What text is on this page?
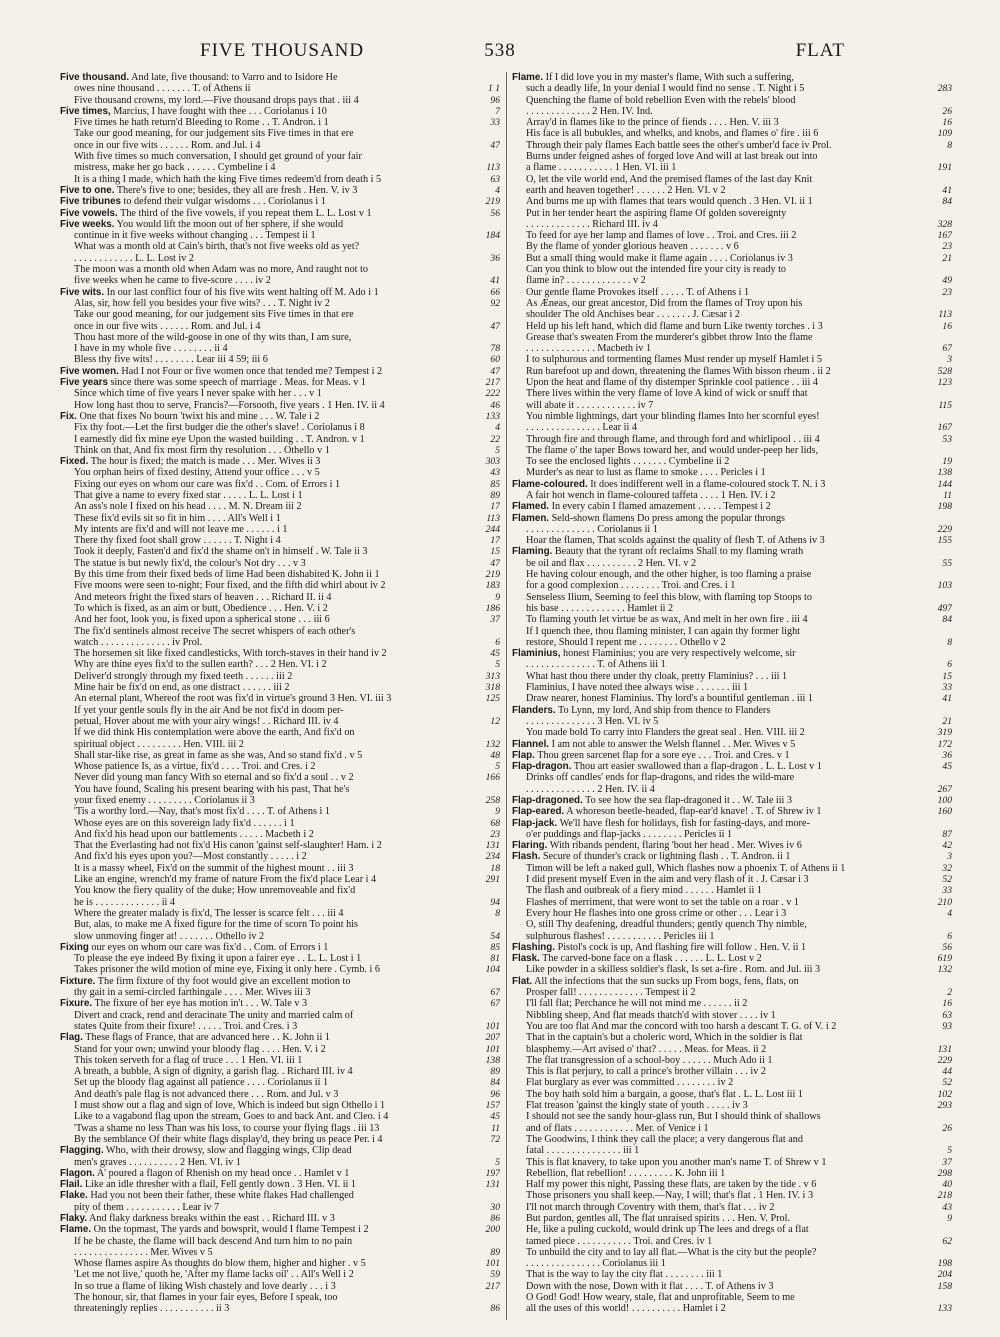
FIVE THOUSAND	538	FLAT
Five thousand. And late, five thousand: to Varro and to Isidore He
owes nine thousand . . . . . . . T. of Athens ii	1 1
Five thousand crowns, my lord.—Five thousand drops pays that . iii 4	96
Five times, Marcius, I have fought with thee . . . Coriolanus i 10	7
Five times he hath return'd Bleeding to Rome . . T. Andron. i 1	33
Take our good meaning, for our judgement sits Five times in that ere
once in our five wits . . . . . . Rom. and Jul. i 4	47
With five times so much conversation, I should get ground of your fair
mistress, make her go back . . . . . . Cymbeline i 4	113
It is a thing I made, which hath the king Five times redeem'd from death i 5	63
Five to one. There's five to one; besides, they all are fresh . Hen. V. iv 3	4
Five tribunes to defend their vulgar wisdoms . . . Coriolanus i 1	219
Five vowels. The third of the five vowels, if you repeat them L. L. Lost v 1	56
Five weeks. You would lift the moon out of her sphere, if she would
continue in it five weeks without changing . . . Tempest ii 1	184
What was a month old at Cain's birth, that's not five weeks old as yet?
. . . . . . . . . . . . L. L. Lost iv 2	36
The moon was a month old when Adam was no more, And raught not to
five weeks when he came to five-score . . . . iv 2	41
Five wits. In our last conflict four of his five wits went halting off M. Ado i 1	66
Alas, sir, how fell you besides your five wits? . . . T. Night iv 2	92
Take our good meaning, for our judgement sits Five times in that ere
once in our five wits . . . . . . Rom. and Jul. i 4	47
Thou hast more of the wild-goose in one of thy wits than, I am sure,
I have in my whole five . . . . . . . . ii 4	78
Bless thy five wits! . . . . . . . . Lear iii 4 59; iii 6	60
Five women. Had I not Four or five women once that tended me? Tempest i 2	47
Five years since there was some speech of marriage . Meas. for Meas. v 1	217
Since which time of five years I never spake with her . . . v 1	222
How long hast thou to serve, Francis?—Forsooth, five years . 1 Hen. IV. ii 4	46
Fix. One that fixes No bourn 'twixt his and mine . . . W. Tale i 2	133
Fix thy foot.—Let the first budger die the other's slave! . Coriolanus i 8	4
I earnestly did fix mine eye Upon the wasted building . . T. Andron. v 1	22
Think on that, And fix most firm thy resolution . . . Othello v 1	5
Fixed. The hour is fixed; the match is made . . . Mer. Wives ii 3	303
You orphan heirs of fixed destiny, Attend your office . . . v 5	43
Fixing our eyes on whom our care was fix'd . . Com. of Errors i 1	85
That give a name to every fixed star . . . . . L. L. Lost i 1	89
An ass's nole I fixed on his head . . . . M. N. Dream iii 2	17
These fix'd evils sit so fit in him . . . . All's Well i 1	113
My intents are fix'd and will not leave me . . . . . . i 1	244
There thy fixed foot shall grow . . . . . . T. Night i 4	17
Took it deeply, Fasten'd and fix'd the shame on't in himself . W. Tale ii 3	15
The statue is but newly fix'd, the colour's Not dry . . . v 3	47
By this time from their fixed beds of lime Had been dishabited K. John ii 1	219
Five moons were seen to-night; Four fixed, and the fifth did whirl about iv 2	183
And meteors fright the fixed stars of heaven . . . Richard II. ii 4	9
To which is fixed, as an aim or butt, Obedience . . . Hen. V. i 2	186
And her foot, look you, is fixed upon a spherical stone . . . iii 6	37
The fix'd sentinels almost receive The secret whispers of each other's
watch . . . . . . . . . . . . . . iv Prol.	6
The horsemen sit like fixed candlesticks, With torch-staves in their hand iv 2	45
Why are thine eyes fix'd to the sullen earth? . . . 2 Hen. VI. i 2	5
Deliver'd strongly through my fixed teeth . . . . . . iii 2	313
Mine hair be fix'd on end, as one distract . . . . . . iii 2	318
An eternal plant, Whereof the root was fix'd in virtue's ground 3 Hen. VI. iii 3	125
If yet your gentle souls fly in the air And be not fix'd in doom per-
petual, Hover about me with your airy wings! . . Richard III. iv 4	12
If we did think His contemplation were above the earth, And fix'd on
spiritual object . . . . . . . . . Hen. VIII. iii 2	132
Shall star-like rise, as great in fame as she was, And so stand fix'd . v 5	48
Whose patience Is, as a virtue, fix'd . . . . Troi. and Cres. i 2	5
Never did young man fancy With so eternal and so fix'd a soul . . v 2	166
You have found, Scaling his present bearing with his past, That he's
your fixed enemy . . . . . . . . . Coriolanus ii 3	258
'Tis a worthy lord.—Nay, that's most fix'd . . . . T. of Athens i 1	9
Whose eyes are on this sovereign lady fix'd . . . . . . i 1	68
And fix'd his head upon our battlements . . . . . Macbeth i 2	23
That the Everlasting had not fix'd His canon 'gainst self-slaughter! Ham. i 2	131
And fix'd his eyes upon you?—Most constantly . . . . . i 2	234
It is a massy wheel, Fix'd on the summit of the highest mount . . iii 3	18
Like an engine, wrench'd my frame of nature From the fix'd place Lear i 4	291
You know the fiery quality of the duke; How unremoveable and fix'd
he is . . . . . . . . . . . . . ii 4	94
Where the greater malady is fix'd, The lesser is scarce felt . . . iii 4	8
But, alas, to make me A fixed figure for the time of scorn To point his
slow unmoving finger at! . . . . . . . Othello iv 2	54
Fixing our eyes on whom our care was fix'd . . Com. of Errors i 1	85
To please the eye indeed By fixing it upon a fairer eye . . L. L. Lost i 1	81
Takes prisoner the wild motion of mine eye, Fixing it only here . Cymb. i 6	104
Fixture. The firm fixture of thy foot would give an excellent motion to
thy gait in a semi-circled farthingale . . . . Mer. Wives iii 3	67
Fixure. The fixure of her eye has motion in't . . . W. Tale v 3	67
Divert and crack, rend and deracinate The unity and married calm of
states Quite from their fixure! . . . . . Troi. and Cres. i 3	101
Flag. These flags of France, that are advanced here . . K. John ii 1	207
Stand for your own; unwind your bloody flag . . . . Hen. V. i 2	101
This token serveth for a flag of truce . . . 1 Hen. VI. iii 1	138
A breath, a bubble, A sign of dignity, a garish flag. . Richard III. iv 4	89
Set up the bloody flag against all patience . . . . Coriolanus ii 1	84
And death's pale flag is not advanced there . . . Rom. and Jul. v 3	96
I must show out a flag and sign of love, Which is indeed but sign Othello i 1	157
Like to a vagabond flag upon the stream, Goes to and back Ant. and Cleo. i 4	45
'Twas a shame no less Than was his loss, to course your flying flags . iii 13	11
By the semblance Of their white flags display'd, they bring us peace Per. i 4	72
Flagging. Who, with their drowsy, slow and flagging wings, Clip dead
men's graves . . . . . . . . . . 2 Hen. VI. iv 1	5
Flagon. A' poured a flagon of Rhenish on my head once . . Hamlet v 1	197
Flail. Like an idle thresher with a flail, Fell gently down . 3 Hen. VI. ii 1	131
Flake. Had you not been their father, these white flakes Had challenged
pity of them . . . . . . . . . . . Lear iv 7	30
Flaky. And flaky darkness breaks within the east . . Richard III. v 3	86
Flame. On the topmast, The yards and bowsprit, would I flame Tempest i 2	200
If he be chaste, the flame will back descend And turn him to no pain
. . . . . . . . . . . . . . . Mer. Wives v 5	89
Whose flames aspire As thoughts do blow them, higher and higher . v 5	101
'Let me not live,' quoth he, 'After my flame lacks oil' . . All's Well i 2	59
In so true a flame of liking Wish chastely and love dearly . . . i 3	217
The honour, sir, that flames in your fair eyes, Before I speak, too
threateningly replies . . . . . . . . . . . ii 3	86
Flame. If I did love you in my master's flame, With such a suffering,
such a deadly life, In your denial I would find no sense . T. Night i 5	283
Quenching the flame of bold rebellion Even with the rebels' blood
. . . . . . . . . . . . . 2 Hen. IV. Ind.	26
Array'd in flames like to the prince of fiends . . . . Hen. V. iii 3	16
His face is all bubukles, and whelks, and knobs, and flames o' fire . iii 6	109
Through their paly flames Each battle sees the other's umber'd face iv Prol.	8
Burns under feigned ashes of forged love And will at last break out into
a flame . . . . . . . . . . . 1 Hen. VI. iii 1	191
O, let the vile world end, And the premised flames of the last day Knit
earth and heaven together! . . . . . . 2 Hen. VI. v 2	41
And burns me up with flames that tears would quench . 3 Hen. VI. ii 1	84
Put in her tender heart the aspiring flame Of golden sovereignty
. . . . . . . . . . . . . Richard III. iv 4	328
To feed for aye her lamp and flames of love . . Troi. and Cres. iii 2	167
By the flame of yonder glorious heaven . . . . . . . v 6	23
But a small thing would make it flame again . . . . Coriolanus iv 3	21
Can you think to blow out the intended fire your city is ready to
flame in? . . . . . . . . . . . . . v 2	49
Our gentle flame Provokes itself . . . . . T. of Athens i 1	23
As Æneas, our great ancestor, Did from the flames of Troy upon his
shoulder The old Anchises bear . . . . . . . J. Cæsar i 2	113
Held up his left hand, which did flame and burn Like twenty torches . i 3	16
Grease that's sweaten From the murderer's gibbet throw Into the flame
. . . . . . . . . . . . . . Macbeth iv 1	67
I to sulphurous and tormenting flames Must render up myself Hamlet i 5	3
Run barefoot up and down, threatening the flames With bisson rheum . ii 2	528
Upon the heat and flame of thy distemper Sprinkle cool patience . . iii 4	123
There lives within the very flame of love A kind of wick or snuff that
will abate it . . . . . . . . . . . . iv 7	115
You nimble lightnings, dart your blinding flames Into her scornful eyes!
. . . . . . . . . . . . . . . Lear ii 4	167
Through fire and through flame, and through ford and whirlipool . . iii 4	53
The flame o' the taper Bows toward her, and would under-peep her lids,
To see the enclosed lights . . . . . . . Cymbeline ii 2	19
Murder's as near to lust as flame to smoke . . . . Pericles i 1	138
Flame-coloured. It does indifferent well in a flame-coloured stock T. N. i 3	144
A fair hot wench in flame-coloured taffeta . . . . 1 Hen. IV. i 2	11
Flamed. In every cabin I flamed amazement . . . . . Tempest i 2	198
Flamen. Seld-shown flamens Do press among the popular throngs
. . . . . . . . . . . . . . Coriolanus ii 1	229
Hoar the flamen, That scolds against the quality of flesh T. of Athens iv 3	155
Flaming. Beauty that the tyrant oft reclaims Shall to my flaming wrath
be oil and flax . . . . . . . . . . 2 Hen. VI. v 2	55
He having colour enough, and the other higher, is too flaming a praise
for a good complexion . . . . . . . . Troi. and Cres. i 1	103
Senseless Ilium, Seeming to feel this blow, with flaming top Stoops to
his base . . . . . . . . . . . . . Hamlet ii 2	497
To flaming youth let virtue be as wax, And melt in her own fire . iii 4	84
If I quench thee, thou flaming minister, I can again thy former light
restore, Should I repent me . . . . . . . . Othello v 2	8
Flaminius, honest Flaminius; you are very respectively welcome, sir
. . . . . . . . . . . . . . T. of Athens iii 1	6
What hast thou there under thy cloak, pretty Flaminius? . . . iii 1	15
Flaminius, I have noted thee always wise . . . . . . . iii 1	33
Draw nearer, honest Flaminius. Thy lord's a bountiful gentleman . iii 1	41
Flanders. To Lynn, my lord, And ship from thence to Flanders
. . . . . . . . . . . . . . 3 Hen. VI. iv 5	21
You made bold To carry into Flanders the great seal . Hen. VIII. iii 2	319
Flannel. I am not able to answer the Welsh flannel . . Mer. Wives v 5	172
Flap. Thou green sarcenet flap for a sore eye . . . Troi. and Cres. v 1	36
Flap-dragon. Thou art easier swallowed than a flap-dragon . L. L. Lost v 1	45
Drinks off candles' ends for flap-dragons, and rides the wild-mare
. . . . . . . . . . . . . . 2 Hen. IV. ii 4	267
Flap-dragoned. To see how the sea flap-dragoned it . . W. Tale iii 3	100
Flap-eared. A whoreson beetle-headed, flap-ear'd knave! . T. of Shrew iv 1	160
Flap-jack. We'll have flesh for holidays, fish for fasting-days, and more-
o'er puddings and flap-jacks . . . . . . . . Pericles ii 1	87
Flaring. With ribands pendent, flaring 'bout her head . Mer. Wives iv 6	42
Flash. Secure of thunder's crack or lightning flash . . T. Andron. ii 1	3
Timon will be left a naked gull, Which flashes now a phoenix T. of Athens ii 1	32
I did present myself Even in the aim and very flash of it . J. Cæsar i 3	52
The flash and outbreak of a fiery mind . . . . . . Hamlet ii 1	33
Flashes of merriment, that were wont to set the table on a roar . v 1	210
Every hour He flashes into one gross crime or other . . . Lear i 3	4
O, still Thy deafening, dreadful thunders; gently quench Thy nimble,
sulphurous flashes! . . . . . . . . . . . Pericles iii 1	6
Flashing. Pistol's cock is up, And flashing fire will follow . Hen. V. ii 1	56
Flask. The carved-bone face on a flask . . . . . . L. L. Lost v 2	619
Like powder in a skilless soldier's flask, Is set a-fire . Rom. and Jul. iii 3	132
Flat. All the infections that the sun sucks up From bogs, fens, flats, on
Prosper fall! . . . . . . . . . . . . . Tempest ii 2	2
I'll fall flat; Perchance he will not mind me . . . . . . ii 2	16
Nibbling sheep, And flat meads thatch'd with stover . . . . iv 1	63
You are too flat And mar the concord with too harsh a descant T. G. of V. i 2	93
That in the captain's but a choleric word, Which in the soldier is flat
blasphemy.—Art avised o' that? . . . . . Meas. for Meas. ii 2	131
The flat transgression of a school-boy . . . . . . Much Ado ii 1	229
This is flat perjury, to call a prince's brother villain . . . iv 2	44
Flat burglary as ever was committed . . . . . . . . iv 2	52
The boy hath sold him a bargain, a goose, that's flat . L. L. Lost iii 1	102
Flat treason 'gainst the kingly state of youth . . . . . iv 3	293
I should not see the sandy hour-glass run, But I should think of shallows
and of flats . . . . . . . . . . . . Mer. of Venice i 1	26
The Goodwins, I think they call the place; a very dangerous flat and
fatal . . . . . . . . . . . . . . . iii 1	5
This is flat knavery, to take upon you another man's name T. of Shrew v 1	37
Rebellion, flat rebellion! . . . . . . . . . K. John iii 1	298
Half my power this night, Passing these flats, are taken by the tide . v 6	40
Those prisoners you shall keep.—Nay, I will; that's flat . 1 Hen. IV. i 3	218
I'll not march through Coventry with them, that's flat . . . iv 2	43
But pardon, gentles all, The flat unraised spirits . . . Hen. V. Prol.	9
He, like a puling cuckold, would drink up The lees and dregs of a flat
tamed piece . . . . . . . . . . . Troi. and Cres. iv 1	62
To unbuild the city and to lay all flat.—What is the city but the people?
. . . . . . . . . . . . . . . Coriolanus iii 1	198
That is the way to lay the city flat . . . . . . . . iii 1	204
Down with the nose, Down with it flat . . . . T. of Athens iv 3	158
O God! God! How weary, stale, flat and unprofitable, Seem to me
all the uses of this world! . . . . . . . . . . Hamlet i 2	133
